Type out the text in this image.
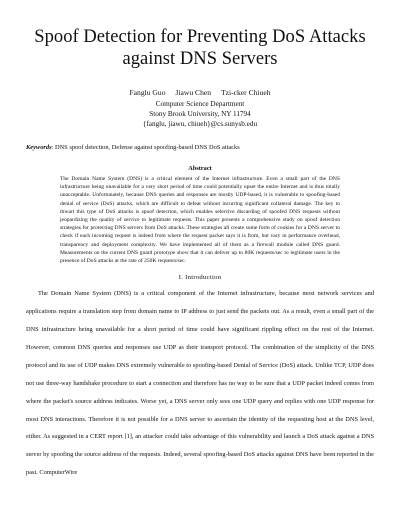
Spoof Detection for Preventing DoS Attacks against DNS Servers
Fanglu Guo Jiawu Chen Tzi-cker Chiueh
Computer Science Department
Stony Brook University, NY 11794
{fanglu, jiawu, chiueh}@cs.sunysb.edu

Keywords: DNS spoof detection, Defense against spoofing-based DNS DoS attacks

Abstract

The Domain Name System (DNS) is a critical element of the Internet infrastructure. Even a small part of the DNS infrastructure being unavailable for a very short period of time could potentially upset the entire Internet and is thus totally unacceptable. Unfortunately, because DNS queries and responses are mostly UDP-based, it is vulnerable to spoofing-based denial of service (DoS) attacks, which are difficult to defeat without incurring significant collateral damage. The key to thwart this type of DoS attacks is spoof detection, which enables selective discarding of spoofed DNS requests without jeopardizing the quality of service to legitimate requests. This paper presents a comprehensive study on spoof detection strategies for protecting DNS servers from DoS attacks. These strategies all create some form of cookies for a DNS server to check if each incoming request is indeed from where the request packet says it is from, but vary in performance overhead, transparency and deployment complexity. We have implemented all of them as a firewall module called DNS guard. Measurements on the current DNS guard prototype show that it can deliver up to 80K requests/sec to legitimate users in the presence of DoS attacks at the rate of 250K requests/sec.

I. Introduction

The Domain Name System (DNS) is a critical component of the Internet infrastructure, because most network services and applications require a translation step from domain name to IP address to just send the packets out. As a result, even a small part of the DNS infrastructure being unavailable for a short period of time could have significant rippling effect on the rest of the Internet. However, common DNS queries and responses use UDP as their transport protocol. The combination of the simplicity of the DNS protocol and its use of UDP makes DNS extremely vulnerable to spoofing-based Denial of Service (DoS) attack. Unlike TCP, UDP does not use three-way handshake procedure to start a connection and therefore has no way to be sure that a UDP packet indeed comes from where the packet's source address indicates. Worse yet, a DNS server only sees one UDP query and replies with one UDP response for most DNS interactions. Therefore it is not possible for a DNS server to ascertain the identity of the requesting host at the DNS level, either. As suggested in a CERT report [1], an attacker could take advantage of this vulnerability and launch a DoS attack against a DNS server by spoofing the source address of the requests. Indeed, several spoofing-based DoS attacks against DNS have been reported in the past. ComputerWire
